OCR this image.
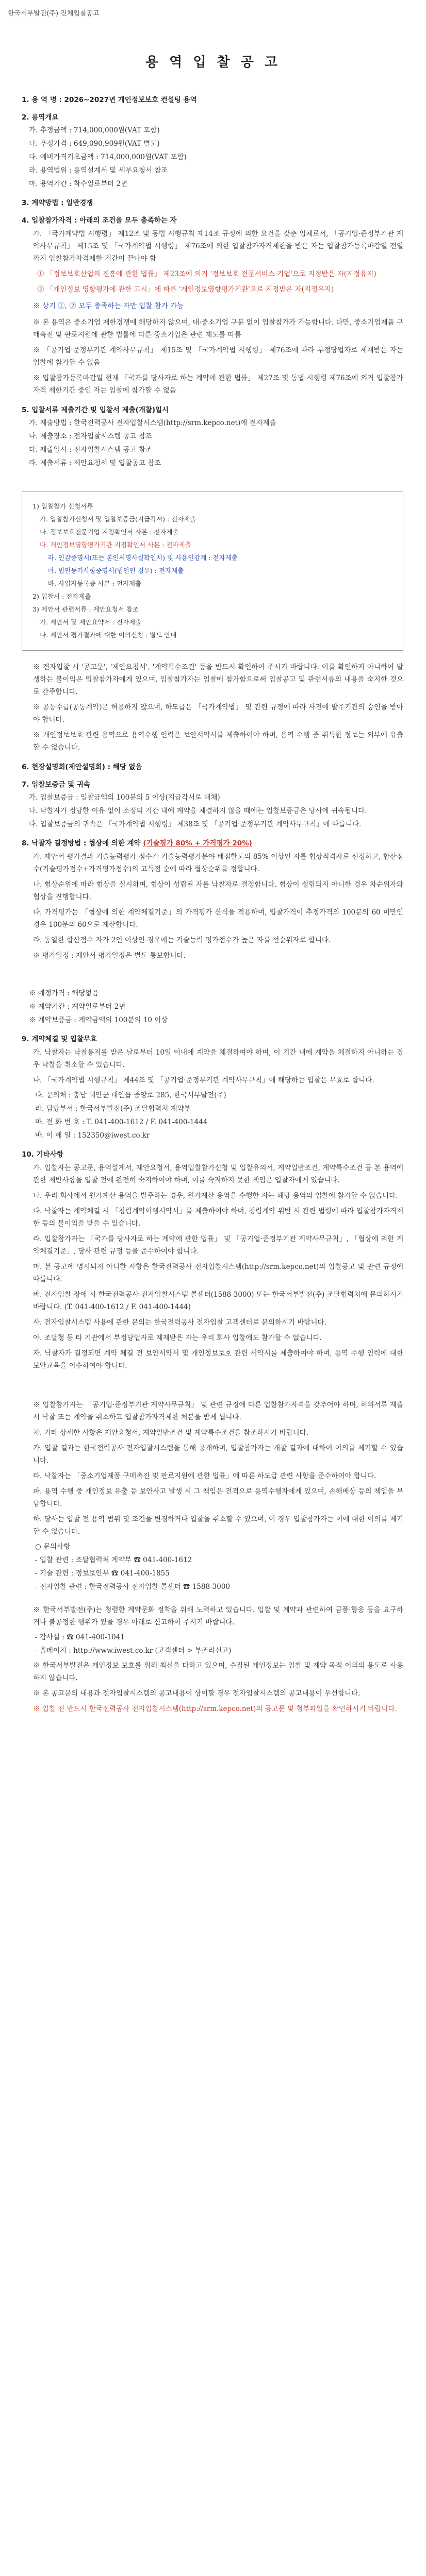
한국서부발전(주) 전체입찰공고
용 역 입 찰 공 고
1. 용 역 명 : 2026~2027년 개인정보보호 컨설팅 용역
2. 용역개요
가. 추정금액 : 714,000,000원(VAT 포함)
나. 추정가격 : 649,090,909원(VAT 별도)
다. 예비가격기초금액 : 714,000,000원(VAT 포함)
라. 용역범위 : 용역설계서 및 세부요청서 참조
마. 용역기간 : 착수일로부터 2년
3. 계약방법 : 일반경쟁
4. 입찰참가자격 : 아래의 조건을 모두 충족하는 자
가. 「국가계약법 시행령」 제12조 및 동법 시행규칙 제14조 규정에 의한 요건을 갖춘 업체로서, 「공기업·준정부기관 계약사무규칙」 제15조 및 「국가계약법 시행령」 제76조에 의한 입찰참가자격제한을 받은 자는 입찰참가등록마감일 전일까지 입찰참가자격제한 기간이 끝나야 함
① 「정보보호산업의 진흥에 관한 법률」 제23조에 의거 '정보보호 전문서비스 기업'으로 지정받은 자(지정유지)
② 「개인정보 영향평가에 관한 고시」에 따른 '개인정보영향평가기관'으로 지정받은 자(지정유지)
※ 상기 ①, ② 모두 충족하는 자만 입찰 참가 가능
※ 본 용역은 중소기업 제한경쟁에 해당하지 않으며, 대·중소기업 구분 없이 입찰참가가 가능합니다. 다만, 중소기업제품 구매촉진 및 판로지원에 관한 법률에 따른 중소기업은 관련 제도를 따름
※ 「공기업·준정부기관 계약사무규칙」 제15조 및 「국가계약법 시행령」 제76조에 따라 부정당업자로 제재받은 자는 입찰에 참가할 수 없음
※ 입찰참가등록마감일 현재 「국가를 당사자로 하는 계약에 관한 법률」 제27조 및 동법 시행령 제76조에 의거 입찰참가자격 제한기간 중인 자는 입찰에 참가할 수 없음
5. 입찰서류 제출기간 및 입찰서 제출(개찰)일시
가. 제출방법 : 한국전력공사 전자입찰시스템(http://srm.kepco.net)에 전자제출
나. 제출장소 : 전자입찰시스템 공고 참조
다. 제출일시 : 전자입찰시스템 공고 참조
라. 제출서류 : 제안요청서 및 입찰공고 참조
1) 입찰참가 신청서류
가. 입찰참가신청서 및 입찰보증금(지급각서) : 전자제출
나. 정보보호전문기업 지정확인서 사본 : 전자제출
다. 개인정보영향평가기관 지정확인서 사본 : 전자제출
라. 인감증명서(또는 본인서명사실확인서) 및 사용인감계 : 전자제출
마. 법인등기사항증명서(법인인 경우) : 전자제출
바. 사업자등록증 사본 : 전자제출
2) 입찰서 : 전자제출
3) 제안서 관련서류 : 제안요청서 참조
가. 제안서 및 제안요약서 : 전자제출
나. 제안서 평가결과에 대한 이의신청 : 별도 안내
※ 전자입찰 시 '공고문', '제안요청서', '계약특수조건' 등을 반드시 확인하여 주시기 바랍니다. 이를 확인하지 아니하여 발생하는 불이익은 입찰참가자에게 있으며, 입찰참가자는 입찰에 참가함으로써 입찰공고 및 관련서류의 내용을 숙지한 것으로 간주합니다.
※ 공동수급(공동계약)은 허용하지 않으며, 하도급은 「국가계약법」 및 관련 규정에 따라 사전에 발주기관의 승인을 받아야 합니다.
※ 개인정보보호 관련 용역으로 용역수행 인력은 보안서약서를 제출하여야 하며, 용역 수행 중 취득한 정보는 외부에 유출할 수 없습니다.
6. 현장설명회(제안설명회) : 해당 없음
7. 입찰보증금 및 귀속
가. 입찰보증금 : 입찰금액의 100분의 5 이상(지급각서로 대체)
나. 낙찰자가 정당한 이유 없이 소정의 기간 내에 계약을 체결하지 않을 때에는 입찰보증금은 당사에 귀속됩니다.
다. 입찰보증금의 귀속은 「국가계약법 시행령」 제38조 및 「공기업·준정부기관 계약사무규칙」에 따릅니다.
8. 낙찰자 결정방법 : 협상에 의한 계약 (기술평가 80% + 가격평가 20%)
가. 제안서 평가결과 기술능력평가 점수가 기술능력평가분야 배점한도의 85% 이상인 자를 협상적격자로 선정하고, 합산점수(기술평가점수+가격평가점수)의 고득점 순에 따라 협상순위를 정합니다.
나. 협상순위에 따라 협상을 실시하며, 협상이 성립된 자를 낙찰자로 결정합니다. 협상이 성립되지 아니한 경우 차순위자와 협상을 진행합니다.
다. 가격평가는 「협상에 의한 계약체결기준」의 가격평가 산식을 적용하며, 입찰가격이 추정가격의 100분의 60 미만인 경우 100분의 60으로 계산합니다.
라. 동일한 합산점수 자가 2인 이상인 경우에는 기술능력 평가점수가 높은 자를 선순위자로 합니다.
※ 평가일정 : 제안서 평가일정은 별도 통보합니다.
※ 예정가격 : 해당없음
※ 계약기간 : 계약일로부터 2년
※ 계약보증금 : 계약금액의 100분의 10 이상
9. 계약체결 및 입찰무효
가. 낙찰자는 낙찰통지를 받은 날로부터 10일 이내에 계약을 체결하여야 하며, 이 기간 내에 계약을 체결하지 아니하는 경우 낙찰을 취소할 수 있습니다.
나. 「국가계약법 시행규칙」 제44조 및 「공기업·준정부기관 계약사무규칙」에 해당하는 입찰은 무효로 합니다.
다. 문의처 : 충남 태안군 태안읍 중앙로 285, 한국서부발전(주)
라. 담당부서 : 한국서부발전(주) 조달협력처 계약부
마. 전 화 번 호 : T. 041-400-1612 / F. 041-400-1444
바. 이 메 일 : 152350@iwest.co.kr
10. 기타사항
가. 입찰자는 공고문, 용역설계서, 제안요청서, 용역입찰참가신청 및 입찰유의서, 계약일반조건, 계약특수조건 등 본 용역에 관한 제반사항을 입찰 전에 완전히 숙지하여야 하며, 이를 숙지하지 못한 책임은 입찰자에게 있습니다.
나. 우리 회사에서 원가계산 용역을 발주하는 경우, 원가계산 용역을 수행한 자는 해당 용역의 입찰에 참가할 수 없습니다.
다. 낙찰자는 계약체결 시 「청렴계약이행서약서」를 제출하여야 하며, 청렴계약 위반 시 관련 법령에 따라 입찰참가자격제한 등의 불이익을 받을 수 있습니다.
라. 입찰참가자는 「국가를 당사자로 하는 계약에 관한 법률」 및 「공기업·준정부기관 계약사무규칙」, 「협상에 의한 계약체결기준」, 당사 관련 규정 등을 준수하여야 합니다.
마. 본 공고에 명시되지 아니한 사항은 한국전력공사 전자입찰시스템(http://srm.kepco.net)의 입찰공고 및 관련 규정에 따릅니다.
바. 전자입찰 장애 시 한국전력공사 전자입찰시스템 콜센터(1588-3000) 또는 한국서부발전(주) 조달협력처에 문의하시기 바랍니다. (T. 041-400-1612 / F. 041-400-1444)
사. 전자입찰시스템 사용에 관한 문의는 한국전력공사 전자입찰 고객센터로 문의하시기 바랍니다.
아. 조달청 등 타 기관에서 부정당업자로 제재받은 자는 우리 회사 입찰에도 참가할 수 없습니다.
자. 낙찰자가 결정되면 계약 체결 전 보안서약서 및 개인정보보호 관련 서약서를 제출하여야 하며, 용역 수행 인력에 대한 보안교육을 이수하여야 합니다.
※ 입찰참가자는 「공기업·준정부기관 계약사무규칙」 및 관련 규정에 따른 입찰참가자격을 갖추어야 하며, 허위서류 제출 시 낙찰 또는 계약을 취소하고 입찰참가자격제한 처분을 받게 됩니다.
차. 기타 상세한 사항은 제안요청서, 계약일반조건 및 계약특수조건을 참조하시기 바랍니다.
카. 입찰 결과는 한국전력공사 전자입찰시스템을 통해 공개하며, 입찰참가자는 개찰 결과에 대하여 이의를 제기할 수 있습니다.
타. 낙찰자는 「중소기업제품 구매촉진 및 판로지원에 관한 법률」에 따른 하도급 관련 사항을 준수하여야 합니다.
파. 용역 수행 중 개인정보 유출 등 보안사고 발생 시 그 책임은 전적으로 용역수행자에게 있으며, 손해배상 등의 책임을 부담합니다.
하. 당사는 입찰 전 용역 범위 및 조건을 변경하거나 입찰을 취소할 수 있으며, 이 경우 입찰참가자는 이에 대한 이의를 제기할 수 없습니다.
○ 문의사항
- 입찰 관련 : 조달협력처 계약부 ☎ 041-400-1612
- 기술 관련 : 정보보안부 ☎ 041-400-1855
- 전자입찰 관련 : 한국전력공사 전자입찰 콜센터 ☎ 1588-3000
※ 한국서부발전(주)는 청렴한 계약문화 정착을 위해 노력하고 있습니다. 입찰 및 계약과 관련하여 금품·향응 등을 요구하거나 불공정한 행위가 있을 경우 아래로 신고하여 주시기 바랍니다.
- 감사실 : ☎ 041-400-1041
- 홈페이지 : http://www.iwest.co.kr (고객센터 > 부조리신고)
※ 한국서부발전은 개인정보 보호를 위해 최선을 다하고 있으며, 수집된 개인정보는 입찰 및 계약 목적 이외의 용도로 사용하지 않습니다.
※ 본 공고문의 내용과 전자입찰시스템의 공고내용이 상이할 경우 전자입찰시스템의 공고내용이 우선합니다.
※ 입찰 전 반드시 한국전력공사 전자입찰시스템(http://srm.kepco.net)의 공고문 및 첨부파일을 확인하시기 바랍니다.
